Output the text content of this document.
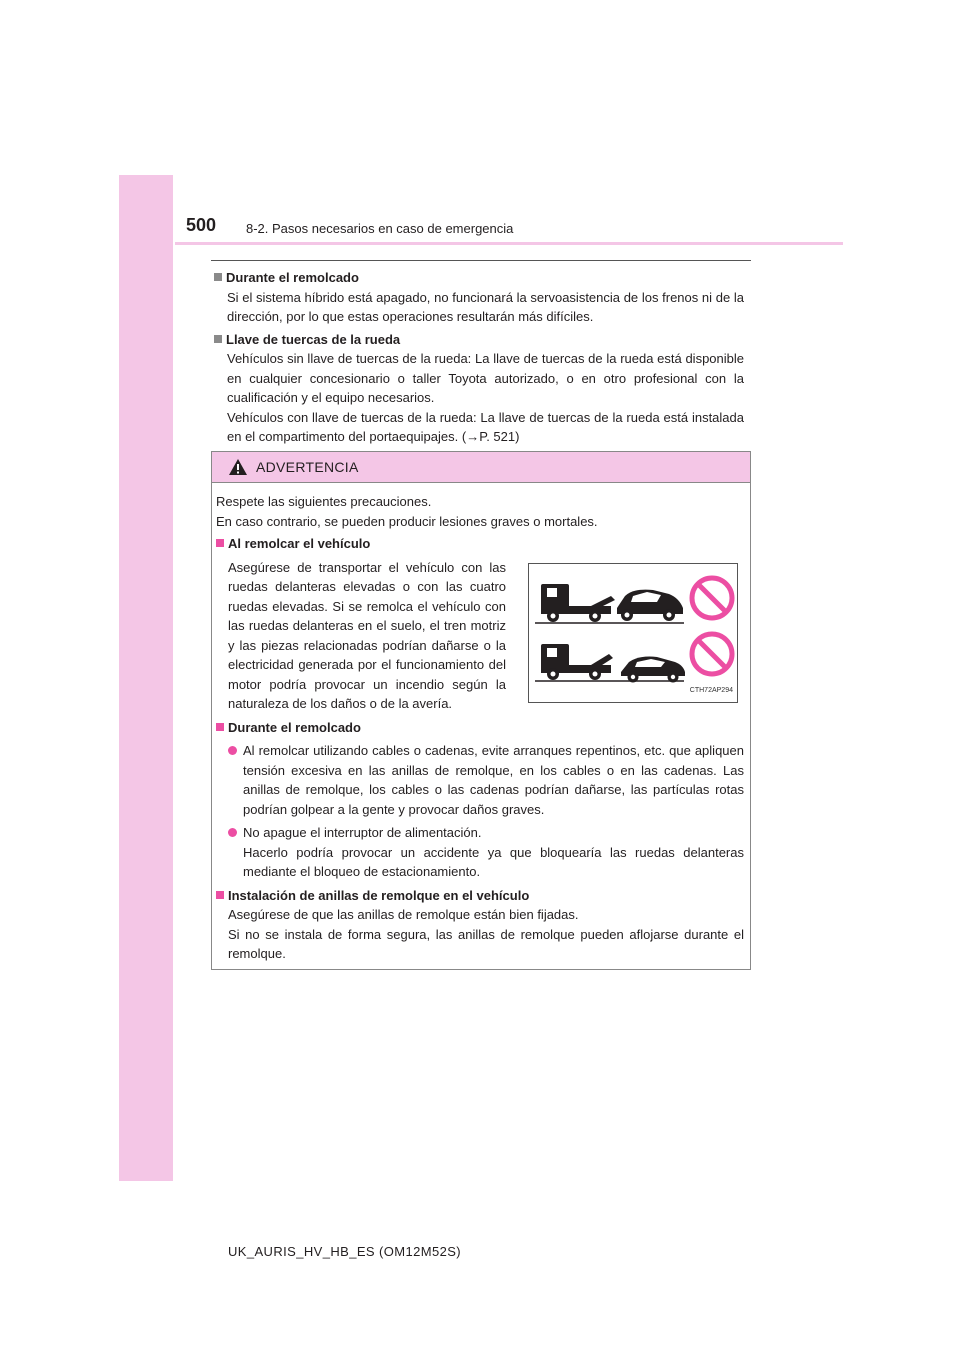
500 8-2. Pasos necesarios en caso de emergencia

Durante el remolcado

Si el sistema híbrido está apagado, no funcionará la servoasistencia de los frenos ni de la dirección, por lo que estas operaciones resultarán más difíciles.

Llave de tuercas de la rueda

Vehículos sin llave de tuercas de la rueda: La llave de tuercas de la rueda está disponible en cualquier concesionario o taller Toyota autorizado, o en otro profesional con la cualificación y el equipo necesarios.

Vehículos con llave de tuercas de la rueda: La llave de tuercas de la rueda está instalada en el compartimento del portaequipajes. (→P. 521)

ADVERTENCIA

Respete las siguientes precauciones.

En caso contrario, se pueden producir lesiones graves o mortales.

Al remolcar el vehículo

Asegúrese de transportar el vehículo con las ruedas delanteras elevadas o con las cuatro ruedas elevadas. Si se remolca el vehículo con las ruedas delanteras en el suelo, el tren motriz y las piezas relacionadas podrían dañarse o la electricidad generada por el funcionamiento del motor podría provocar un incendio según la naturaleza de los daños o de la avería.

Durante el remolcado

Al remolcar utilizando cables o cadenas, evite arranques repentinos, etc. que apliquen tensión excesiva en las anillas de remolque, en los cables o en las cadenas. Las anillas de remolque, los cables o las cadenas podrían dañarse, las partículas rotas podrían golpear a la gente y provocar daños graves.

No apague el interruptor de alimentación.
Hacerlo podría provocar un accidente ya que bloquearía las ruedas delanteras mediante el bloqueo de estacionamiento.

Instalación de anillas de remolque en el vehículo

Asegúrese de que las anillas de remolque están bien fijadas.

Si no se instala de forma segura, las anillas de remolque pueden aflojarse durante el remolque.

CTH72AP294
UK_AURIS_HV_HB_ES (OM12M52S)
